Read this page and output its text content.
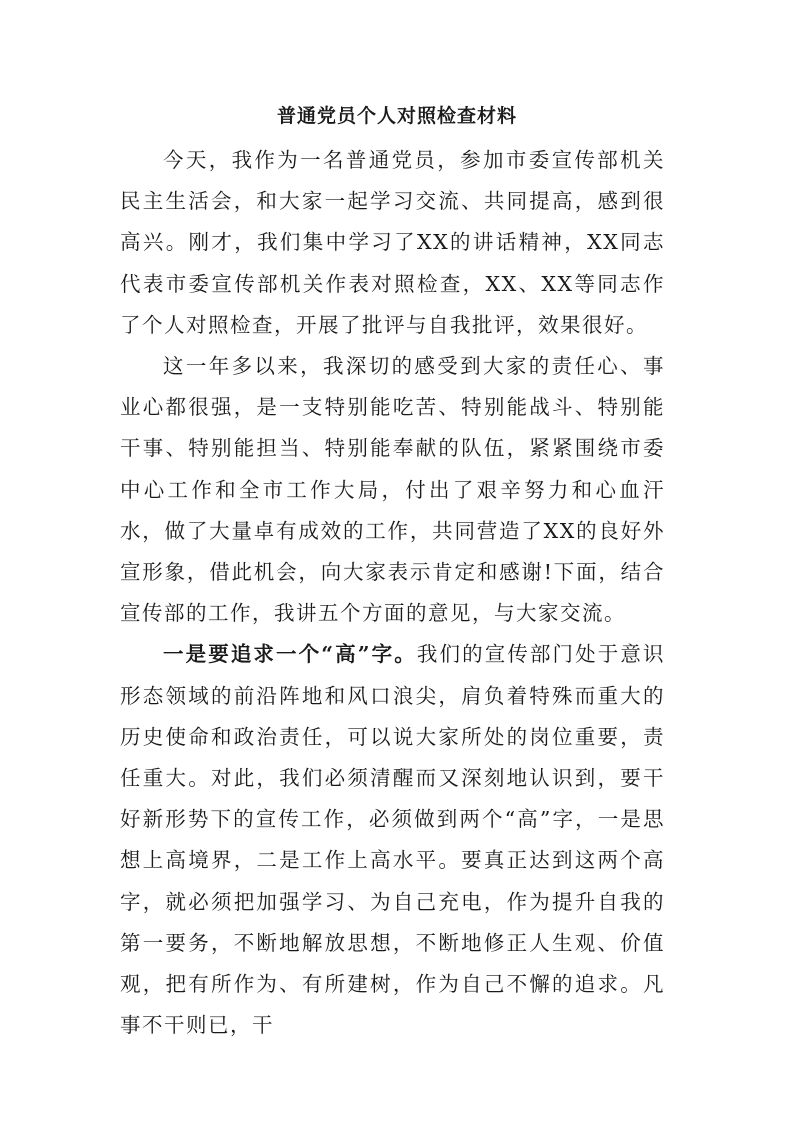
普通党员个人对照检查材料

今天，我作为一名普通党员，参加市委宣传部机关民主生活会，和大家一起学习交流、共同提高，感到很高兴。刚才，我们集中学习了XX的讲话精神，XX同志代表市委宣传部机关作表对照检查，XX、XX等同志作了个人对照检查，开展了批评与自我批评，效果很好。

这一年多以来，我深切的感受到大家的责任心、事业心都很强，是一支特别能吃苦、特别能战斗、特别能干事、特别能担当、特别能奉献的队伍，紧紧围绕市委中心工作和全市工作大局，付出了艰辛努力和心血汗水，做了大量卓有成效的工作，共同营造了XX的良好外宣形象，借此机会，向大家表示肯定和感谢!下面，结合宣传部的工作，我讲五个方面的意见，与大家交流。

一是要追求一个“高”字。我们的宣传部门处于意识形态领域的前沿阵地和风口浪尖，肩负着特殊而重大的历史使命和政治责任，可以说大家所处的岗位重要，责任重大。对此，我们必须清醒而又深刻地认识到，要干好新形势下的宣传工作，必须做到两个“高”字，一是思想上高境界，二是工作上高水平。要真正达到这两个高字，就必须把加强学习、为自己充电，作为提升自我的第一要务，不断地解放思想，不断地修正人生观、价值观，把有所作为、有所建树，作为自己不懈的追求。凡事不干则已，干
